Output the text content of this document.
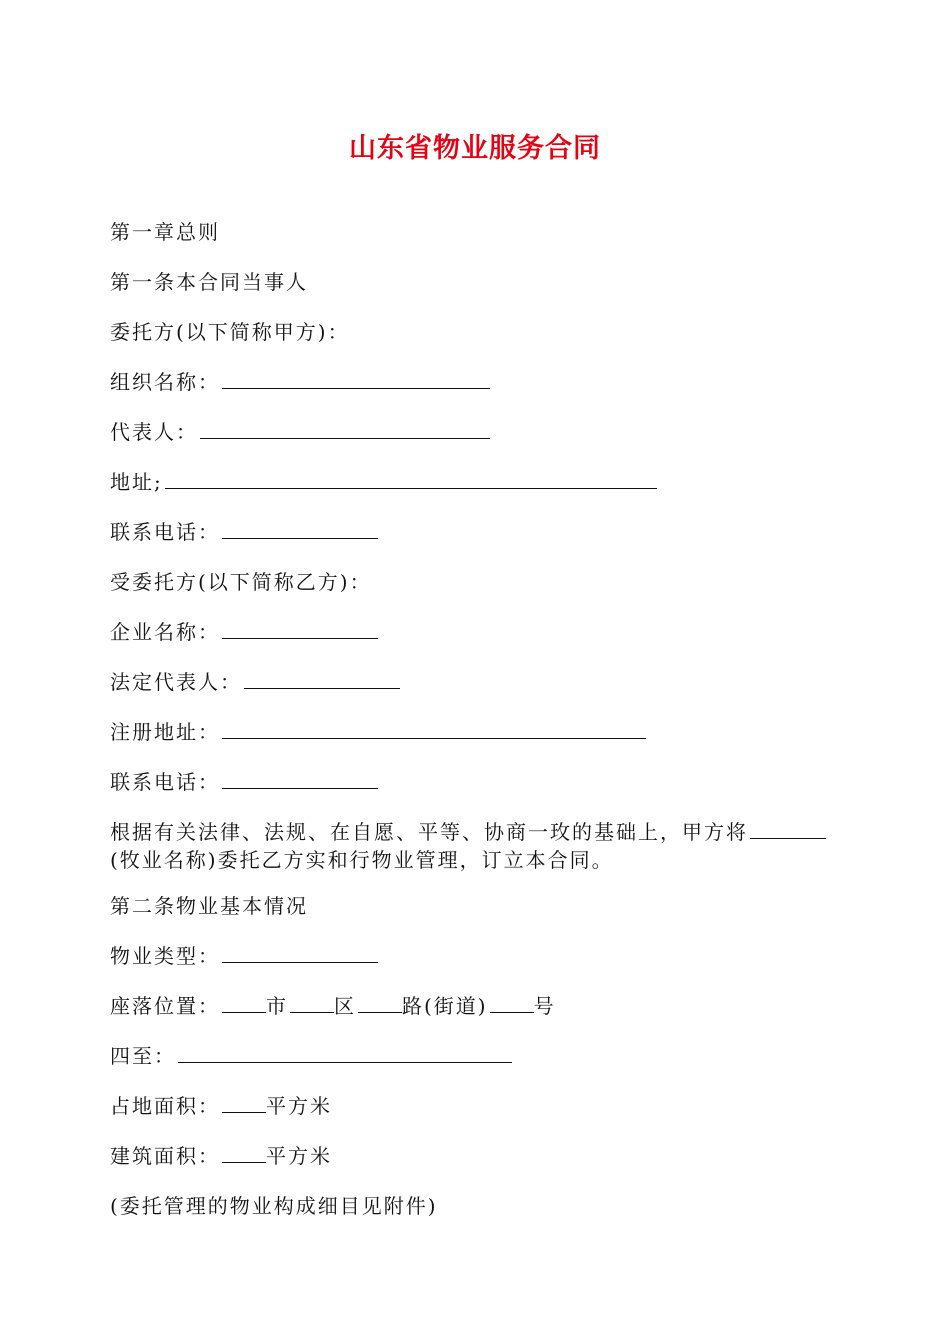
山东省物业服务合同
第一章总则
第一条本合同当事人
委托方(以下简称甲方)：
组织名称：
代表人：
地址;
联系电话：
受委托方(以下简称乙方)：
企业名称：
法定代表人：
注册地址：
联系电话：
根据有关法律、法规、在自愿、平等、协商一玫的基础上，甲方将
(牧业名称)委托乙方实和行物业管理，订立本合同。
第二条物业基本情况
物业类型：
座落位置： 市 区 路(街道) 号
四至：
占地面积： 平方米
建筑面积： 平方米
(委托管理的物业构成细目见附件)
